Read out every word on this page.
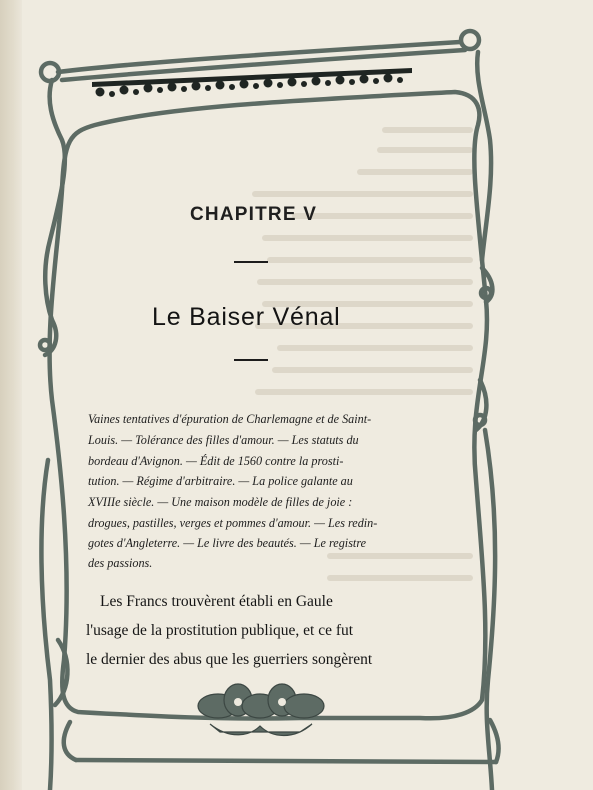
CHAPITRE V
Le Baiser Vénal
Vaines tentatives d'épuration de Charlemagne et de Saint-
Louis. — Tolérance des filles d'amour. — Les statuts du
bordeau d'Avignon. — Édit de 1560 contre la prosti-
tution. — Régime d'arbitraire. — La police galante au
XVIIIe siècle. — Une maison modèle de filles de joie :
drogues, pastilles, verges et pommes d'amour. — Les redin-
gotes d'Angleterre. — Le livre des beautés. — Le registre
des passions.
Les Francs trouvèrent établi en Gaule
l'usage de la prostitution publique, et ce fut
le dernier des abus que les guerriers songèrent
